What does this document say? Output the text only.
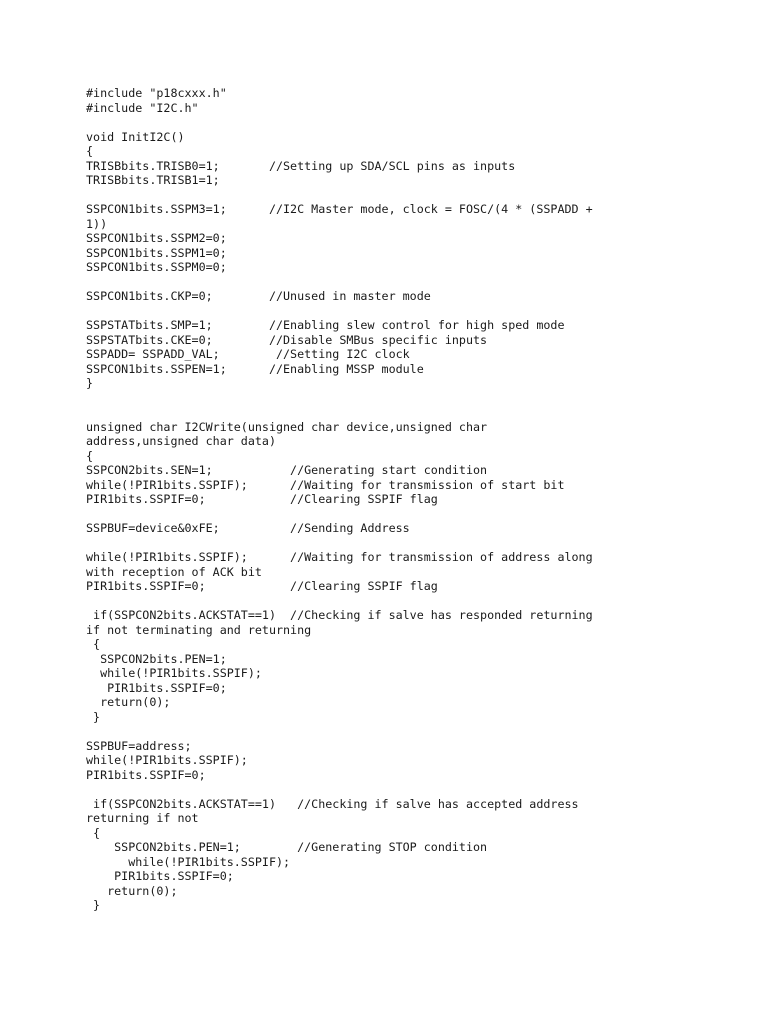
#include "p18cxxx.h"
#include "I2C.h"
void InitI2C()
{
TRISBbits.TRISB0=1;       //Setting up SDA/SCL pins as inputs
TRISBbits.TRISB1=1;
SSPCON1bits.SSPM3=1;      //I2C Master mode, clock = FOSC/(4 * (SSPADD +
1))
SSPCON1bits.SSPM2=0;
SSPCON1bits.SSPM1=0;
SSPCON1bits.SSPM0=0;
SSPCON1bits.CKP=0;        //Unused in master mode
SSPSTATbits.SMP=1;        //Enabling slew control for high sped mode
SSPSTATbits.CKE=0;        //Disable SMBus specific inputs
SSPADD= SSPADD_VAL;        //Setting I2C clock
SSPCON1bits.SSPEN=1;      //Enabling MSSP module
}
unsigned char I2CWrite(unsigned char device,unsigned char
address,unsigned char data)
{
SSPCON2bits.SEN=1;           //Generating start condition
while(!PIR1bits.SSPIF);      //Waiting for transmission of start bit
PIR1bits.SSPIF=0;            //Clearing SSPIF flag
SSPBUF=device&0xFE;          //Sending Address
while(!PIR1bits.SSPIF);      //Waiting for transmission of address along
with reception of ACK bit
PIR1bits.SSPIF=0;            //Clearing SSPIF flag
if(SSPCON2bits.ACKSTAT==1)  //Checking if salve has responded returning
if not terminating and returning
{
SSPCON2bits.PEN=1;
while(!PIR1bits.SSPIF);
PIR1bits.SSPIF=0;
return(0);
}
SSPBUF=address;
while(!PIR1bits.SSPIF);
PIR1bits.SSPIF=0;
if(SSPCON2bits.ACKSTAT==1)   //Checking if salve has accepted address
returning if not
{
SSPCON2bits.PEN=1;        //Generating STOP condition
while(!PIR1bits.SSPIF);
PIR1bits.SSPIF=0;
return(0);
}
